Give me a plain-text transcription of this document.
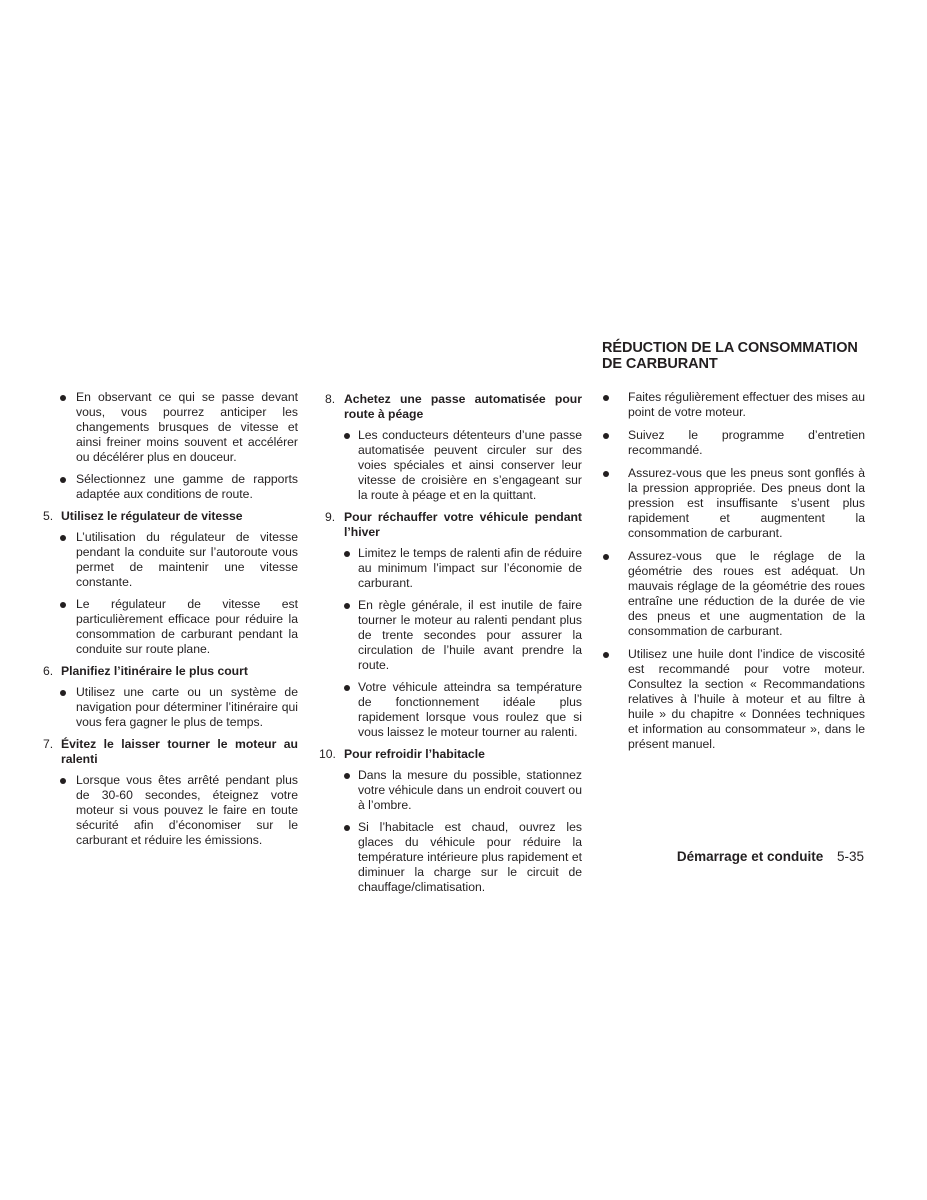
RÉDUCTION DE LA CONSOMMATION
DE CARBURANT
En observant ce qui se passe devant vous, vous pourrez anticiper les changements brusques de vitesse et ainsi freiner moins souvent et accélérer ou décélérer plus en douceur.
Sélectionnez une gamme de rapports adaptée aux conditions de route.
5. Utilisez le régulateur de vitesse
L’utilisation du régulateur de vitesse pendant la conduite sur l’autoroute vous permet de maintenir une vitesse constante.
Le régulateur de vitesse est particulièrement efficace pour réduire la consommation de carburant pendant la conduite sur route plane.
6. Planifiez l’itinéraire le plus court
Utilisez une carte ou un système de navigation pour déterminer l’itinéraire qui vous fera gagner le plus de temps.
7. Évitez le laisser tourner le moteur au ralenti
Lorsque vous êtes arrêté pendant plus de 30-60 secondes, éteignez votre moteur si vous pouvez le faire en toute sécurité afin d’économiser sur le carburant et réduire les émissions.
8. Achetez une passe automatisée pour route à péage
Les conducteurs détenteurs d’une passe automatisée peuvent circuler sur des voies spéciales et ainsi conserver leur vitesse de croisière en s’engageant sur la route à péage et en la quittant.
9. Pour réchauffer votre véhicule pendant l’hiver
Limitez le temps de ralenti afin de réduire au minimum l’impact sur l’économie de carburant.
En règle générale, il est inutile de faire tourner le moteur au ralenti pendant plus de trente secondes pour assurer la circulation de l’huile avant prendre la route.
Votre véhicule atteindra sa température de fonctionnement idéale plus rapidement lorsque vous roulez que si vous laissez le moteur tourner au ralenti.
10. Pour refroidir l’habitacle
Dans la mesure du possible, stationnez votre véhicule dans un endroit couvert ou à l’ombre.
Si l’habitacle est chaud, ouvrez les glaces du véhicule pour réduire la température intérieure plus rapidement et diminuer la charge sur le circuit de chauffage/climatisation.
Faites régulièrement effectuer des mises au point de votre moteur.
Suivez le programme d’entretien recommandé.
Assurez-vous que les pneus sont gonflés à la pression appropriée. Des pneus dont la pression est insuffisante s’usent plus rapidement et augmentent la consommation de carburant.
Assurez-vous que le réglage de la géométrie des roues est adéquat. Un mauvais réglage de la géométrie des roues entraîne une réduction de la durée de vie des pneus et une augmentation de la consommation de carburant.
Utilisez une huile dont l’indice de viscosité est recommandé pour votre moteur. Consultez la section « Recommandations relatives à l’huile à moteur et au filtre à huile » du chapitre « Données techniques et information au consommateur », dans le présent manuel.
Démarrage et conduite 5-35
